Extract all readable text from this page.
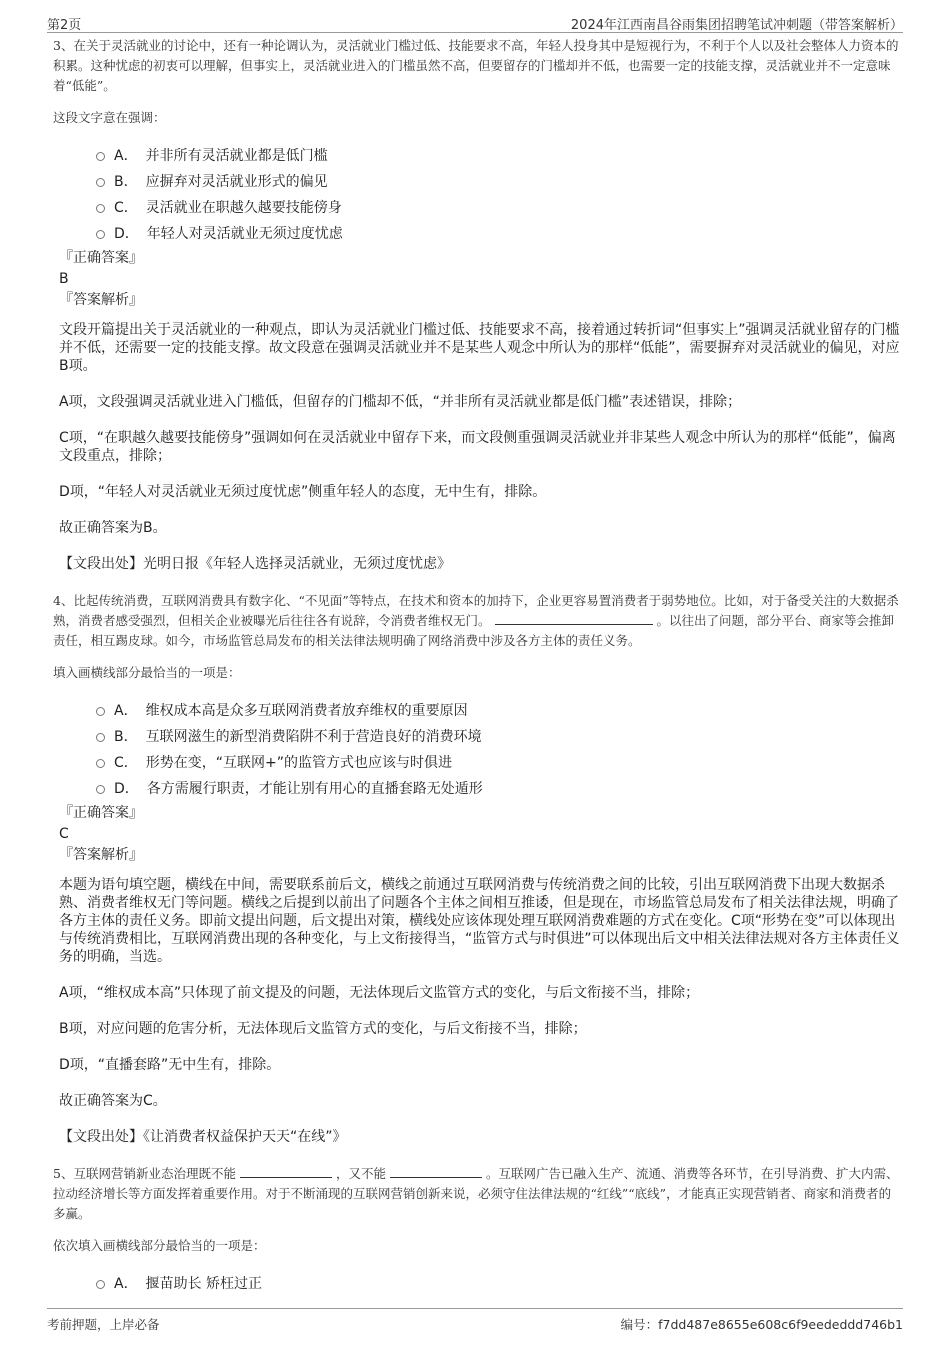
第2页	2024年江西南昌谷雨集团招聘笔试冲刺题（带答案解析）
3、在关于灵活就业的讨论中，还有一种论调认为，灵活就业门槛过低、技能要求不高，年轻人投身其中是短视行为，不利于个人以及社会整体人力资本的积累。这种忧虑的初衷可以理解，但事实上，灵活就业进入的门槛虽然不高，但要留存的门槛却并不低，也需要一定的技能支撑，灵活就业并不一定意味着“低能”。
这段文字意在强调：
A． 并非所有灵活就业都是低门槛
B． 应摒弃对灵活就业形式的偏见
C． 灵活就业在职越久越要技能傍身
D． 年轻人对灵活就业无须过度忧虑
『正确答案』
B
『答案解析』

文段开篇提出关于灵活就业的一种观点，即认为灵活就业门槛过低、技能要求不高，接着通过转折词“但事实上”强调灵活就业留存的门槛并不低，还需要一定的技能支撑。故文段意在强调灵活就业并不是某些人观念中所认为的那样“低能”，需要摒弃对灵活就业的偏见，对应B项。

A项，文段强调灵活就业进入门槛低，但留存的门槛却不低，“并非所有灵活就业都是低门槛”表述错误，排除；

C项，“在职越久越要技能傍身”强调如何在灵活就业中留存下来，而文段侧重强调灵活就业并非某些人观念中所认为的那样“低能”，偏离文段重点，排除；

D项，“年轻人对灵活就业无须过度忧虑”侧重年轻人的态度，无中生有，排除。

故正确答案为B。

【文段出处】光明日报《年轻人选择灵活就业，无须过度忧虑》

4、比起传统消费，互联网消费具有数字化、“不见面”等特点，在技术和资本的加持下，企业更容易置消费者于弱势地位。比如，对于备受关注的大数据杀熟，消费者感受强烈，但相关企业被曝光后往往各有说辞，令消费者维权无门。	。以往出了问题，部分平台、商家等会推卸责任，相互踢皮球。如今，市场监管总局发布的相关法律法规明确了网络消费中涉及各方主体的责任义务。
填入画横线部分最恰当的一项是：
A． 维权成本高是众多互联网消费者放弃维权的重要原因
B． 互联网滋生的新型消费陷阱不利于营造良好的消费环境
C． 形势在变，“互联网+”的监管方式也应该与时俱进
D． 各方需履行职责，才能让别有用心的直播套路无处遁形
『正确答案』
C
『答案解析』

本题为语句填空题，横线在中间，需要联系前后文，横线之前通过互联网消费与传统消费之间的比较，引出互联网消费下出现大数据杀熟、消费者维权无门等问题。横线之后提到以前出了问题各个主体之间相互推诿，但是现在，市场监管总局发布了相关法律法规，明确了各方主体的责任义务。即前文提出问题，后文提出对策，横线处应该体现处理互联网消费难题的方式在变化。C项“形势在变”可以体现出与传统消费相比，互联网消费出现的各种变化，与上文衔接得当，“监管方式与时俱进”可以体现出后文中相关法律法规对各方主体责任义务的明确，当选。

A项，“维权成本高”只体现了前文提及的问题，无法体现后文监管方式的变化，与后文衔接不当，排除；

B项，对应问题的危害分析，无法体现后文监管方式的变化，与后文衔接不当，排除；

D项，“直播套路”无中生有，排除。

故正确答案为C。

【文段出处】《让消费者权益保护天天“在线”》

5、互联网营销新业态治理既不能	，又不能	。互联网广告已融入生产、流通、消费等各环节，在引导消费、扩大内需、拉动经济增长等方面发挥着重要作用。对于不断涌现的互联网营销创新来说，必须守住法律法规的“红线”“底线”，才能真正实现营销者、商家和消费者的多赢。
依次填入画横线部分最恰当的一项是：
A． 揠苗助长 矫枉过正
考前押题，上岸必备	编号：f7dd487e8655e608c6f9eededdd746b1
